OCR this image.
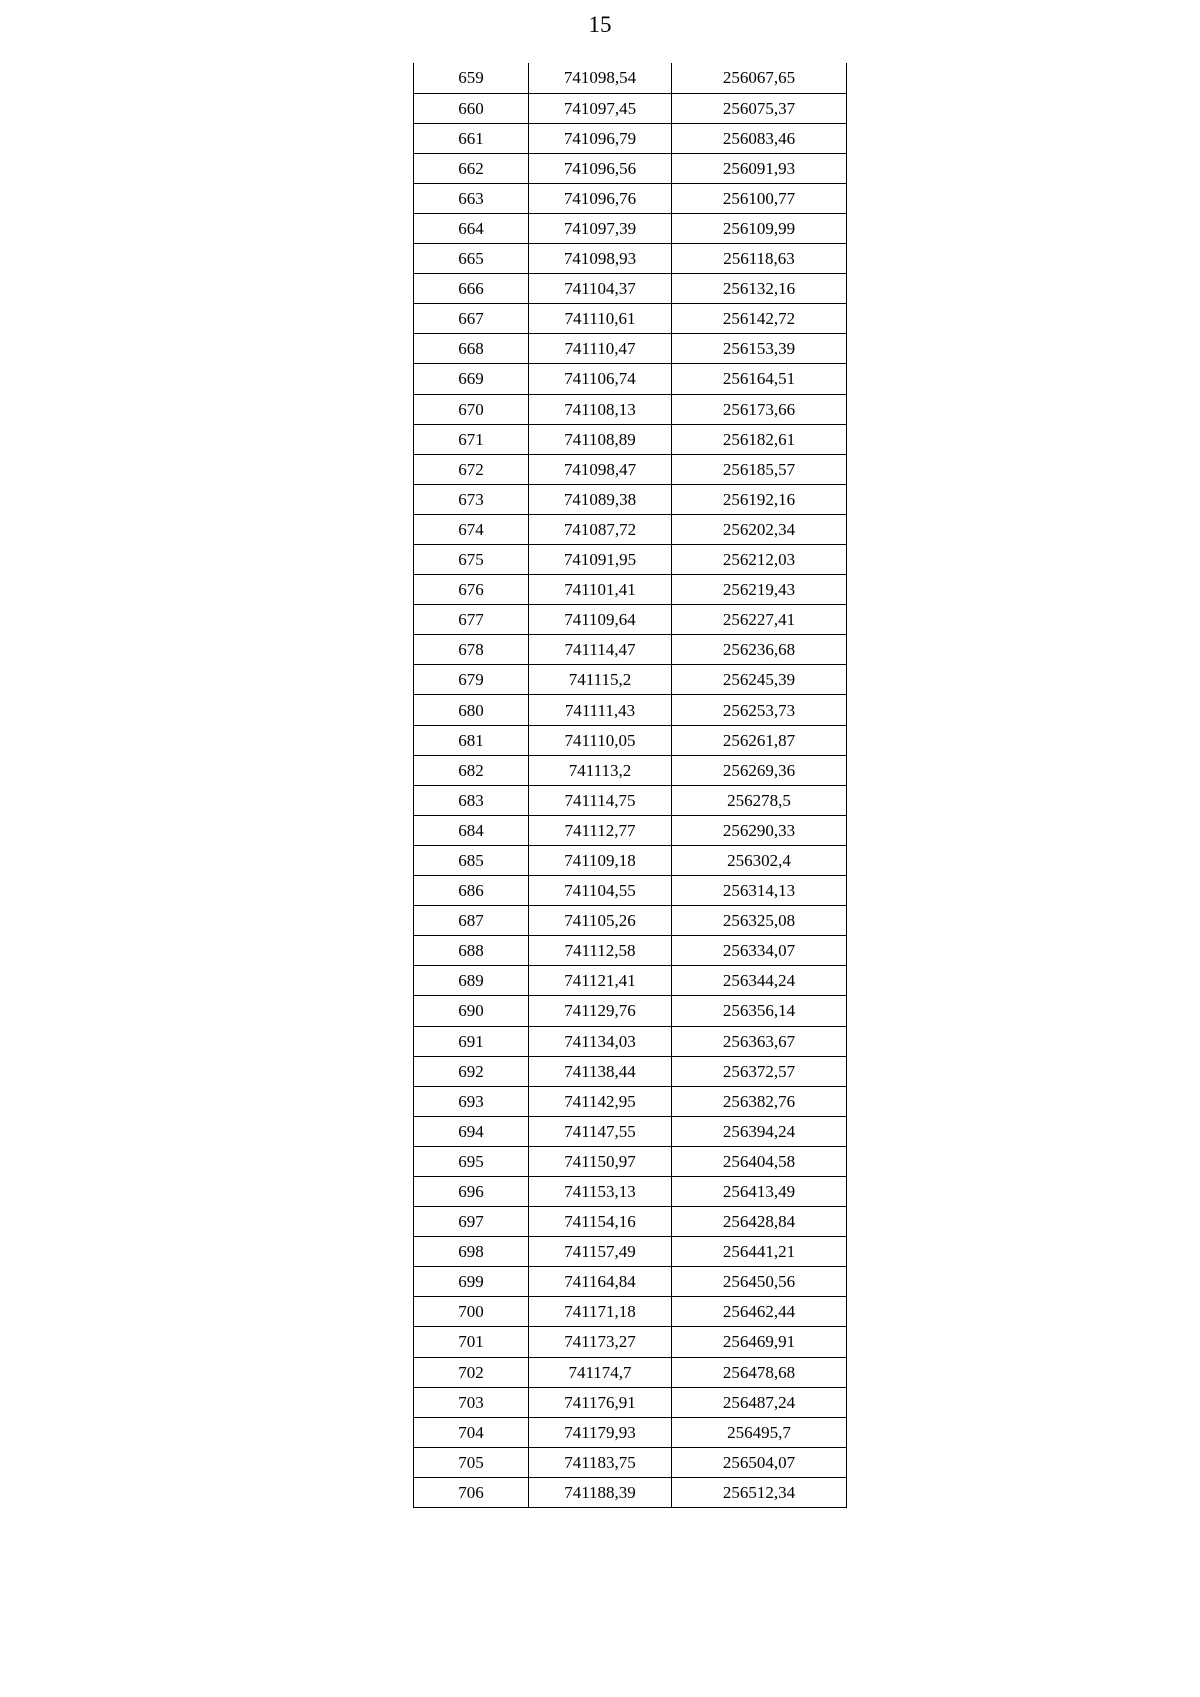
15
659	741098,54	256067,65
660	741097,45	256075,37
661	741096,79	256083,46
662	741096,56	256091,93
663	741096,76	256100,77
664	741097,39	256109,99
665	741098,93	256118,63
666	741104,37	256132,16
667	741110,61	256142,72
668	741110,47	256153,39
669	741106,74	256164,51
670	741108,13	256173,66
671	741108,89	256182,61
672	741098,47	256185,57
673	741089,38	256192,16
674	741087,72	256202,34
675	741091,95	256212,03
676	741101,41	256219,43
677	741109,64	256227,41
678	741114,47	256236,68
679	741115,2	256245,39
680	741111,43	256253,73
681	741110,05	256261,87
682	741113,2	256269,36
683	741114,75	256278,5
684	741112,77	256290,33
685	741109,18	256302,4
686	741104,55	256314,13
687	741105,26	256325,08
688	741112,58	256334,07
689	741121,41	256344,24
690	741129,76	256356,14
691	741134,03	256363,67
692	741138,44	256372,57
693	741142,95	256382,76
694	741147,55	256394,24
695	741150,97	256404,58
696	741153,13	256413,49
697	741154,16	256428,84
698	741157,49	256441,21
699	741164,84	256450,56
700	741171,18	256462,44
701	741173,27	256469,91
702	741174,7	256478,68
703	741176,91	256487,24
704	741179,93	256495,7
705	741183,75	256504,07
706	741188,39	256512,34
